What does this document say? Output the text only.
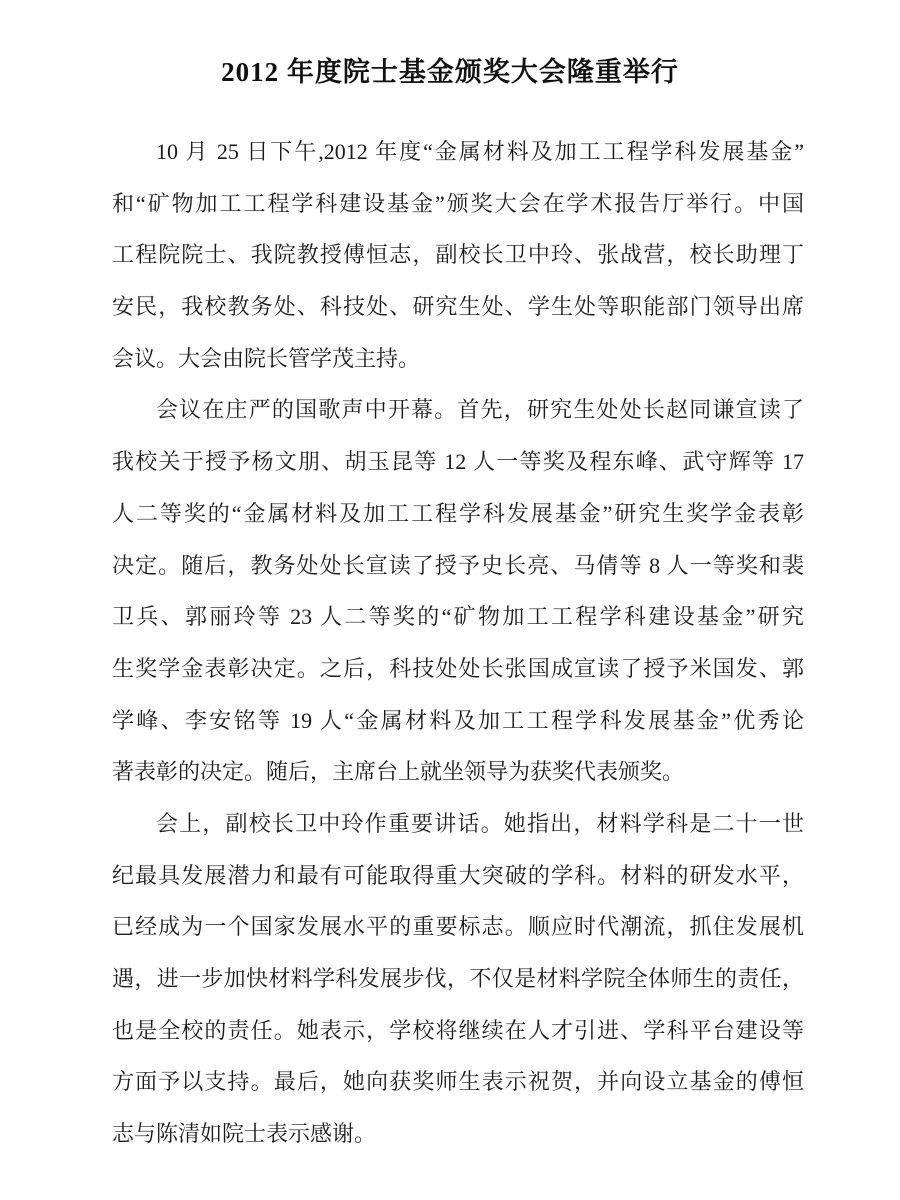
2012 年度院士基金颁奖大会隆重举行
10 月 25 日下午,2012 年度“金属材料及加工工程学科发展基金”
和“矿物加工工程学科建设基金”颁奖大会在学术报告厅举行。中国
工程院院士、我院教授傅恒志，副校长卫中玲、张战营，校长助理丁
安民，我校教务处、科技处、研究生处、学生处等职能部门领导出席
会议。大会由院长管学茂主持。
会议在庄严的国歌声中开幕。首先，研究生处处长赵同谦宣读了
我校关于授予杨文朋、胡玉昆等 12 人一等奖及程东峰、武守辉等 17
人二等奖的“金属材料及加工工程学科发展基金”研究生奖学金表彰
决定。随后，教务处处长宣读了授予史长亮、马倩等 8 人一等奖和裴
卫兵、郭丽玲等 23 人二等奖的“矿物加工工程学科建设基金”研究
生奖学金表彰决定。之后，科技处处长张国成宣读了授予米国发、郭
学峰、李安铭等 19 人“金属材料及加工工程学科发展基金”优秀论
著表彰的决定。随后，主席台上就坐领导为获奖代表颁奖。
会上，副校长卫中玲作重要讲话。她指出，材料学科是二十一世
纪最具发展潜力和最有可能取得重大突破的学科。材料的研发水平，
已经成为一个国家发展水平的重要标志。顺应时代潮流，抓住发展机
遇，进一步加快材料学科发展步伐，不仅是材料学院全体师生的责任，
也是全校的责任。她表示，学校将继续在人才引进、学科平台建设等
方面予以支持。最后，她向获奖师生表示祝贺，并向设立基金的傅恒
志与陈清如院士表示感谢。
